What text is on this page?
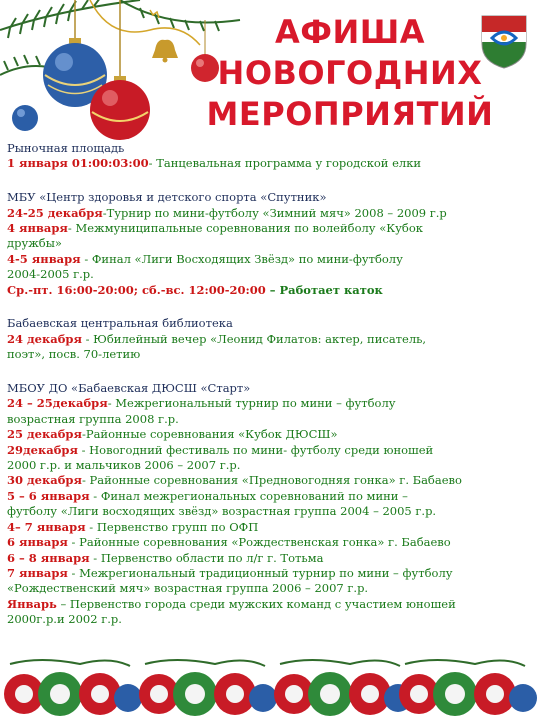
АФИША
НОВОГОДНИХ
МЕРОПРИЯТИЙ
Рыночная площадь
1 января 01:00:03:00- Танцевальная программа у городской елки
МБУ «Центр здоровья и детского спорта «Спутник»
24-25 декабря-Турнир по мини-футболу «Зимний мяч» 2008 – 2009 г.р
4 января- Межмуниципальные соревнования по волейболу «Кубок
дружбы»
4-5 января - Финал «Лиги Восходящих Звёзд» по мини-футболу
2004-2005 г.р.
Ср.-пт. 16:00-20:00; сб.-вс. 12:00-20:00 – Работает каток
Бабаевская центральная библиотека
24 декабря - Юбилейный вечер «Леонид Филатов: актер, писатель,
поэт», посв. 70-летию
МБОУ ДО «Бабаевская ДЮСШ «Старт»
24 – 25декабря- Межрегиональный турнир по мини – футболу
возрастная группа 2008 г.р.
25 декабря-Районные соревнования «Кубок ДЮСШ»
29декабря - Новогодний фестиваль по мини- футболу среди юношей
2000 г.р. и мальчиков 2006 – 2007 г.р.
30 декабря- Районные соревнования «Предновогодняя гонка» г. Бабаево
5 – 6 января - Финал межрегиональных соревнований по мини –
футболу «Лиги восходящих звёзд» возрастная группа 2004 – 2005 г.р.
4– 7 января - Первенство групп по ОФП
6 января - Районные соревнования «Рождественская гонка» г. Бабаево
6 – 8 января - Первенство области по л/г г. Тотьма
7 января - Межрегиональный традиционный турнир по мини – футболу
«Рождественский мяч» возрастная группа 2006 – 2007 г.р.
Январь – Первенство города среди мужских команд с участием юношей
2000г.р.и 2002 г.р.
